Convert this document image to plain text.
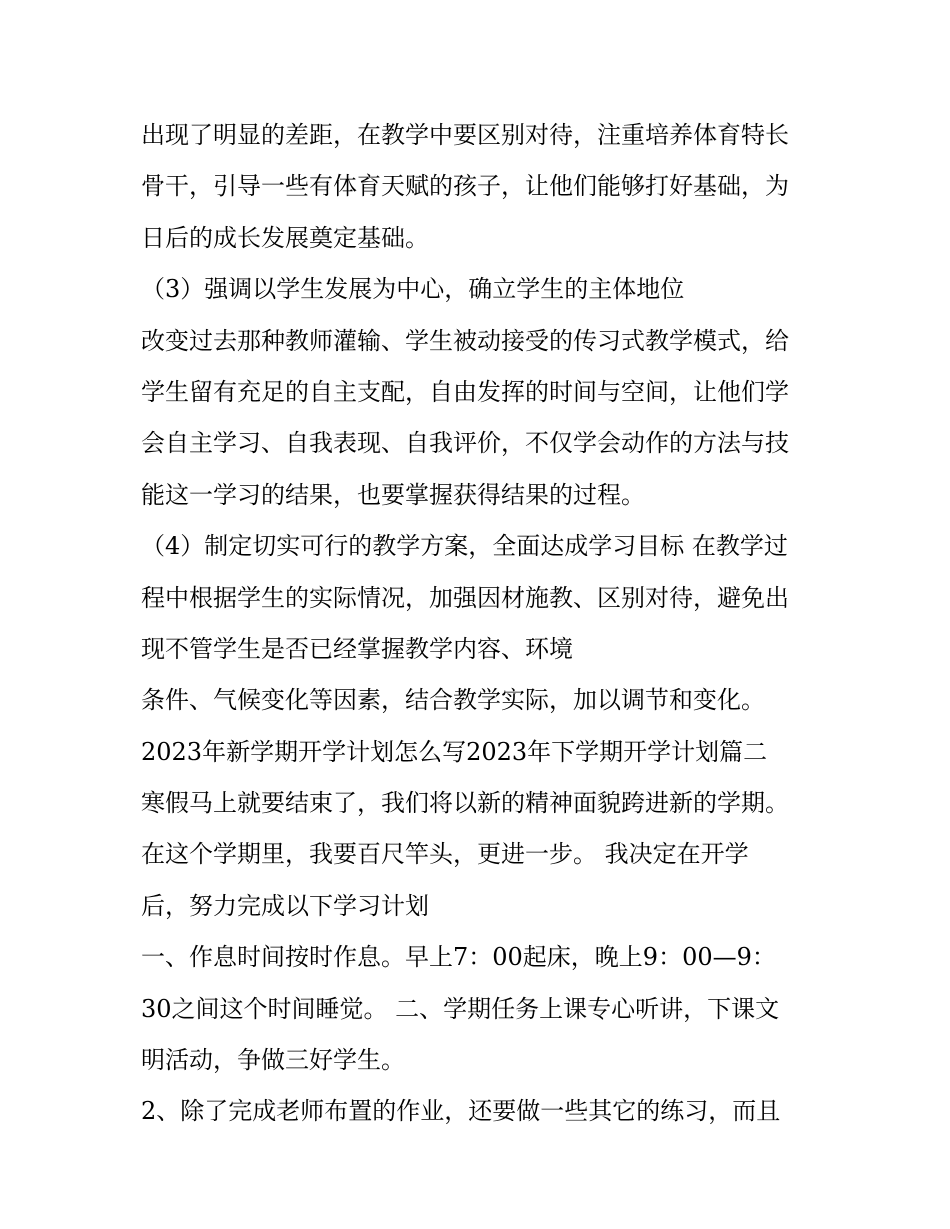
出现了明显的差距，在教学中要区别对待，注重培养体育特长
骨干，引导一些有体育天赋的孩子，让他们能够打好基础，为
日后的成长发展奠定基础。
（3）强调以学生发展为中心，确立学生的主体地位
改变过去那种教师灌输、学生被动接受的传习式教学模式，给
学生留有充足的自主支配，自由发挥的时间与空间，让他们学
会自主学习、自我表现、自我评价，不仅学会动作的方法与技
能这一学习的结果，也要掌握获得结果的过程。
（4）制定切实可行的教学方案，全面达成学习目标 在教学过
程中根据学生的实际情况，加强因材施教、区别对待，避免出
现不管学生是否已经掌握教学内容、环境
条件、气候变化等因素，结合教学实际，加以调节和变化。
2023年新学期开学计划怎么写2023年下学期开学计划篇二
寒假马上就要结束了，我们将以新的精神面貌跨进新的学期。
在这个学期里，我要百尺竿头，更进一步。 我决定在开学
后，努力完成以下学习计划
一、作息时间按时作息。早上7：00起床，晚上9：00—9：
30之间这个时间睡觉。 二、学期任务上课专心听讲，下课文
明活动，争做三好学生。
2、除了完成老师布置的作业，还要做一些其它的练习，而且
